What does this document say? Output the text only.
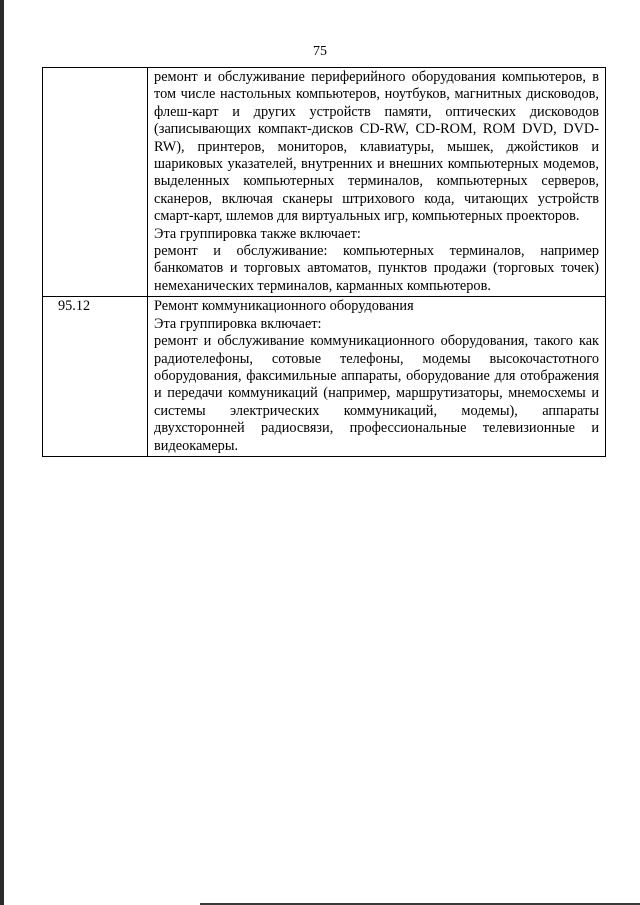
75

	ремонт и обслуживание периферийного оборудования компьютеров, в том числе настольных компьютеров, ноутбуков, магнитных дисководов, флеш-карт и других устройств памяти, оптических дисководов (записывающих компакт-дисков CD-RW, CD-ROM, ROM DVD, DVD-RW), принтеров, мониторов, клавиатуры, мышек, джойстиков и шариковых указателей, внутренних и внешних компьютерных модемов, выделенных компьютерных терминалов, компьютерных серверов, сканеров, включая сканеры штрихового кода, читающих устройств смарт-карт, шлемов для виртуальных игр, компьютерных проекторов.

Эта группировка также включает:

ремонт и обслуживание: компьютерных терминалов, например банкоматов и торговых автоматов, пунктов продажи (торговых точек) немеханических терминалов, карманных компьютеров.

95.12	Ремонт коммуникационного оборудования

Эта группировка включает:

ремонт и обслуживание коммуникационного оборудования, такого как радиотелефоны, сотовые телефоны, модемы высокочастотного оборудования, факсимильные аппараты, оборудование для отображения и передачи коммуникаций (например, маршрутизаторы, мнемосхемы и системы электрических коммуникаций, модемы), аппараты двухсторонней радиосвязи, профессиональные телевизионные и видеокамеры.
